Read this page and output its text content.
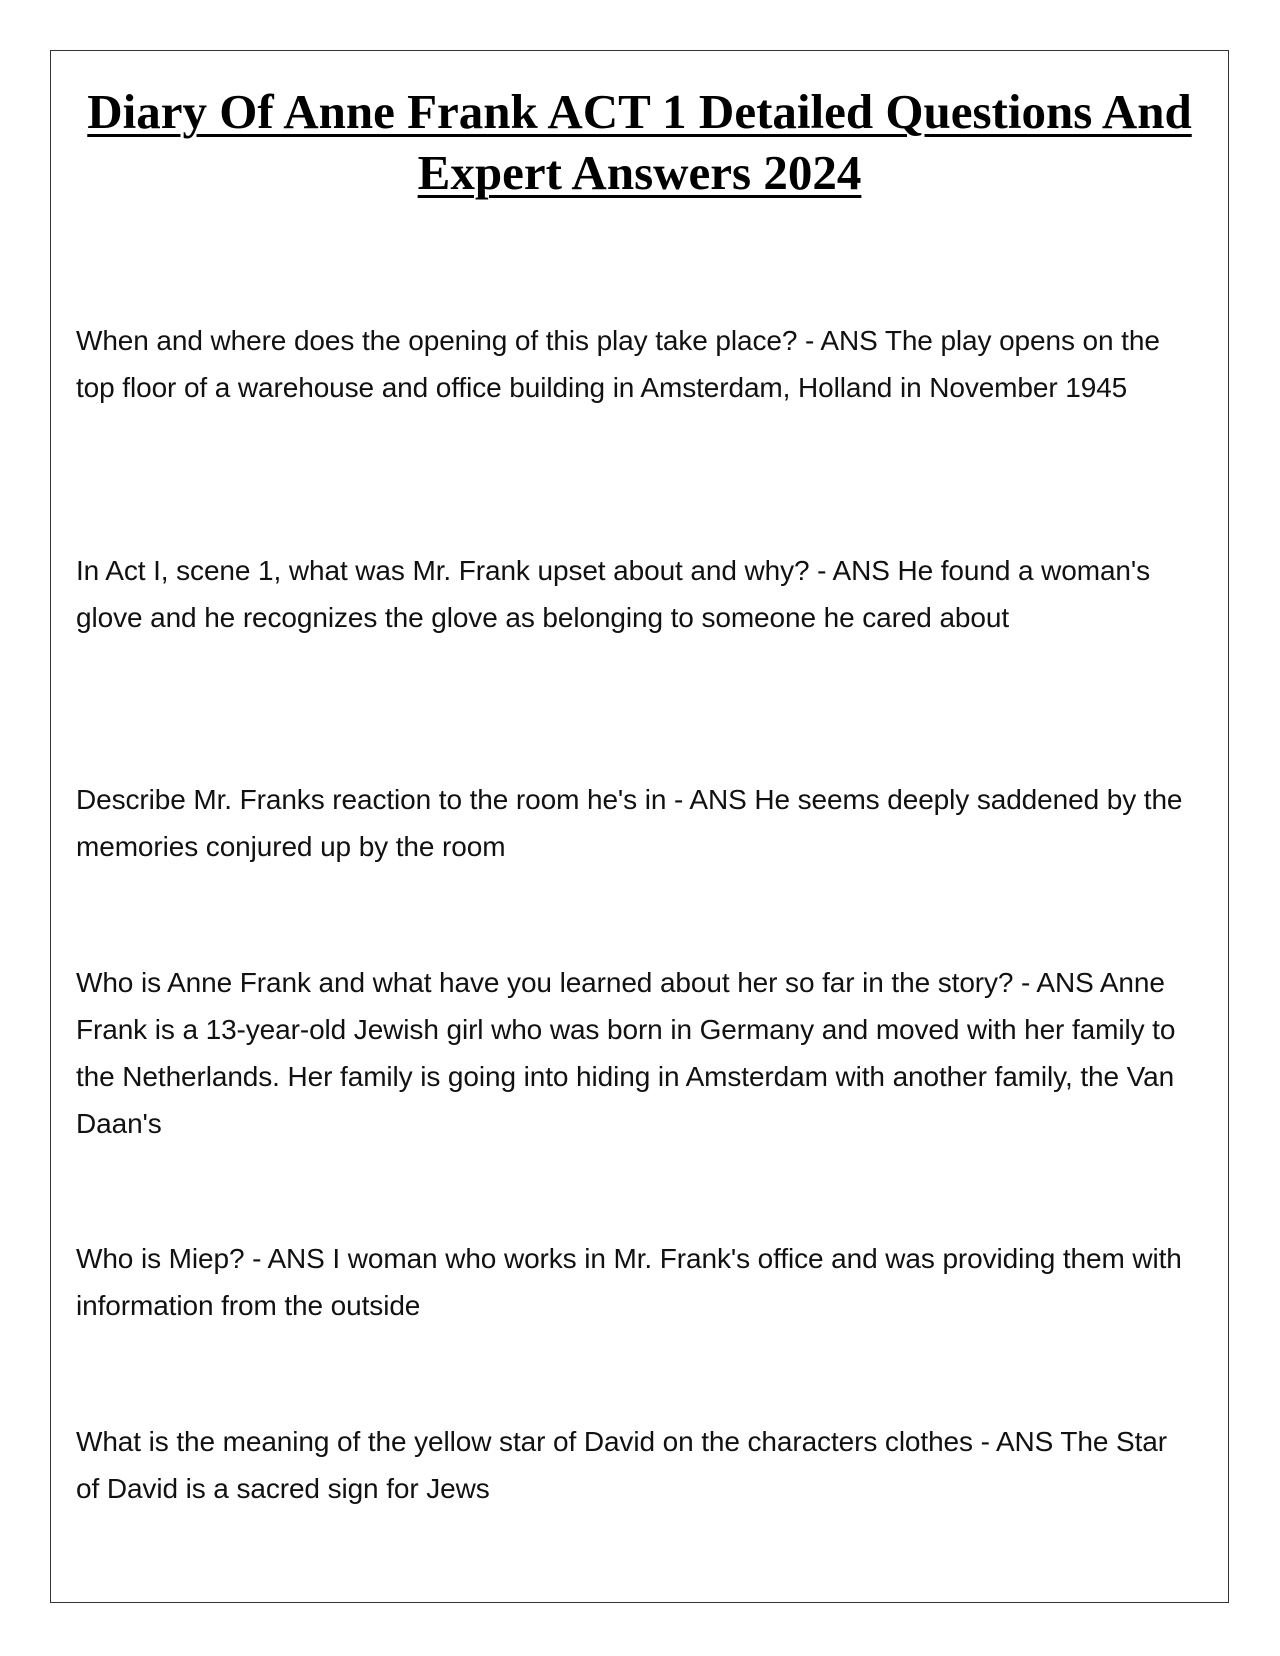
Diary Of Anne Frank ACT 1 Detailed Questions And Expert Answers 2024

When and where does the opening of this play take place? - ANS The play opens on the top floor of a warehouse and office building in Amsterdam, Holland in November 1945

In Act I, scene 1, what was Mr. Frank upset about and why? - ANS He found a woman's glove and he recognizes the glove as belonging to someone he cared about

Describe Mr. Franks reaction to the room he's in - ANS He seems deeply saddened by the memories conjured up by the room

Who is Anne Frank and what have you learned about her so far in the story? - ANS Anne Frank is a 13-year-old Jewish girl who was born in Germany and moved with her family to the Netherlands. Her family is going into hiding in Amsterdam with another family, the Van Daan's

Who is Miep? - ANS I woman who works in Mr. Frank's office and was providing them with information from the outside

What is the meaning of the yellow star of David on the characters clothes - ANS The Star of David is a sacred sign for Jews
